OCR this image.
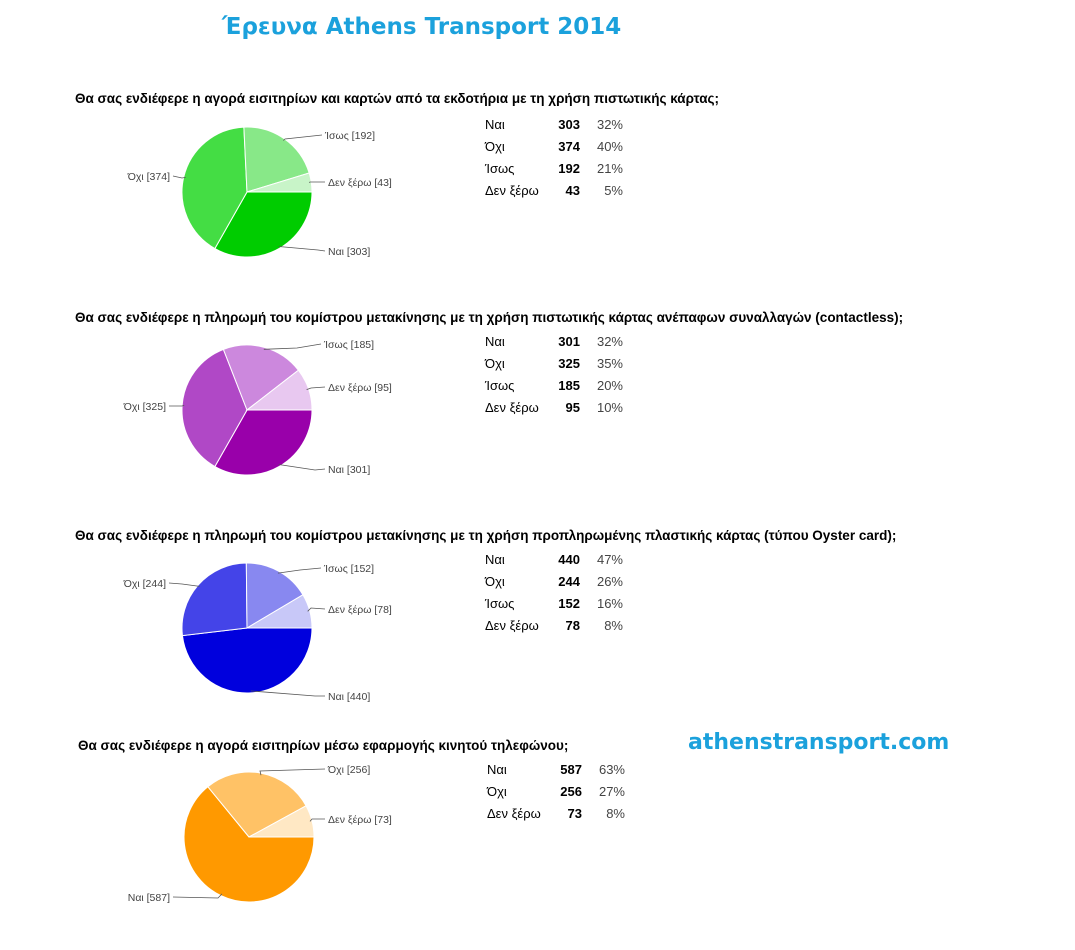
Έρευνα Athens Transport 2014
athenstransport.com
Θα σας ενδιέφερε η αγορά εισιτηρίων και καρτών από τα εκδοτήρια με τη χρήση πιστωτικής κάρτας;
Ναι [303]
Όχι [374]
Ίσως [192]
Δεν ξέρω [43]
Ναι	303	32%
Όχι	374	40%
Ίσως	192	21%
Δεν ξέρω	43	5%
Θα σας ενδιέφερε η πληρωμή του κομίστρου μετακίνησης με τη χρήση πιστωτικής κάρτας ανέπαφων συναλλαγών (contactless);
Ναι [301]
Όχι [325]
Ίσως [185]
Δεν ξέρω [95]
Ναι	301	32%
Όχι	325	35%
Ίσως	185	20%
Δεν ξέρω	95	10%
Θα σας ενδιέφερε η πληρωμή του κομίστρου μετακίνησης με τη χρήση προπληρωμένης πλαστικής κάρτας (τύπου Oyster card);
Ναι [440]
Όχι [244]
Ίσως [152]
Δεν ξέρω [78]
Ναι	440	47%
Όχι	244	26%
Ίσως	152	16%
Δεν ξέρω	78	8%
Θα σας ενδιέφερε η αγορά εισιτηρίων μέσω εφαρμογής κινητού τηλεφώνου;
Ναι [587]
Όχι [256]
Δεν ξέρω [73]
Ναι	587	63%
Όχι	256	27%
Δεν ξέρω	73	8%
